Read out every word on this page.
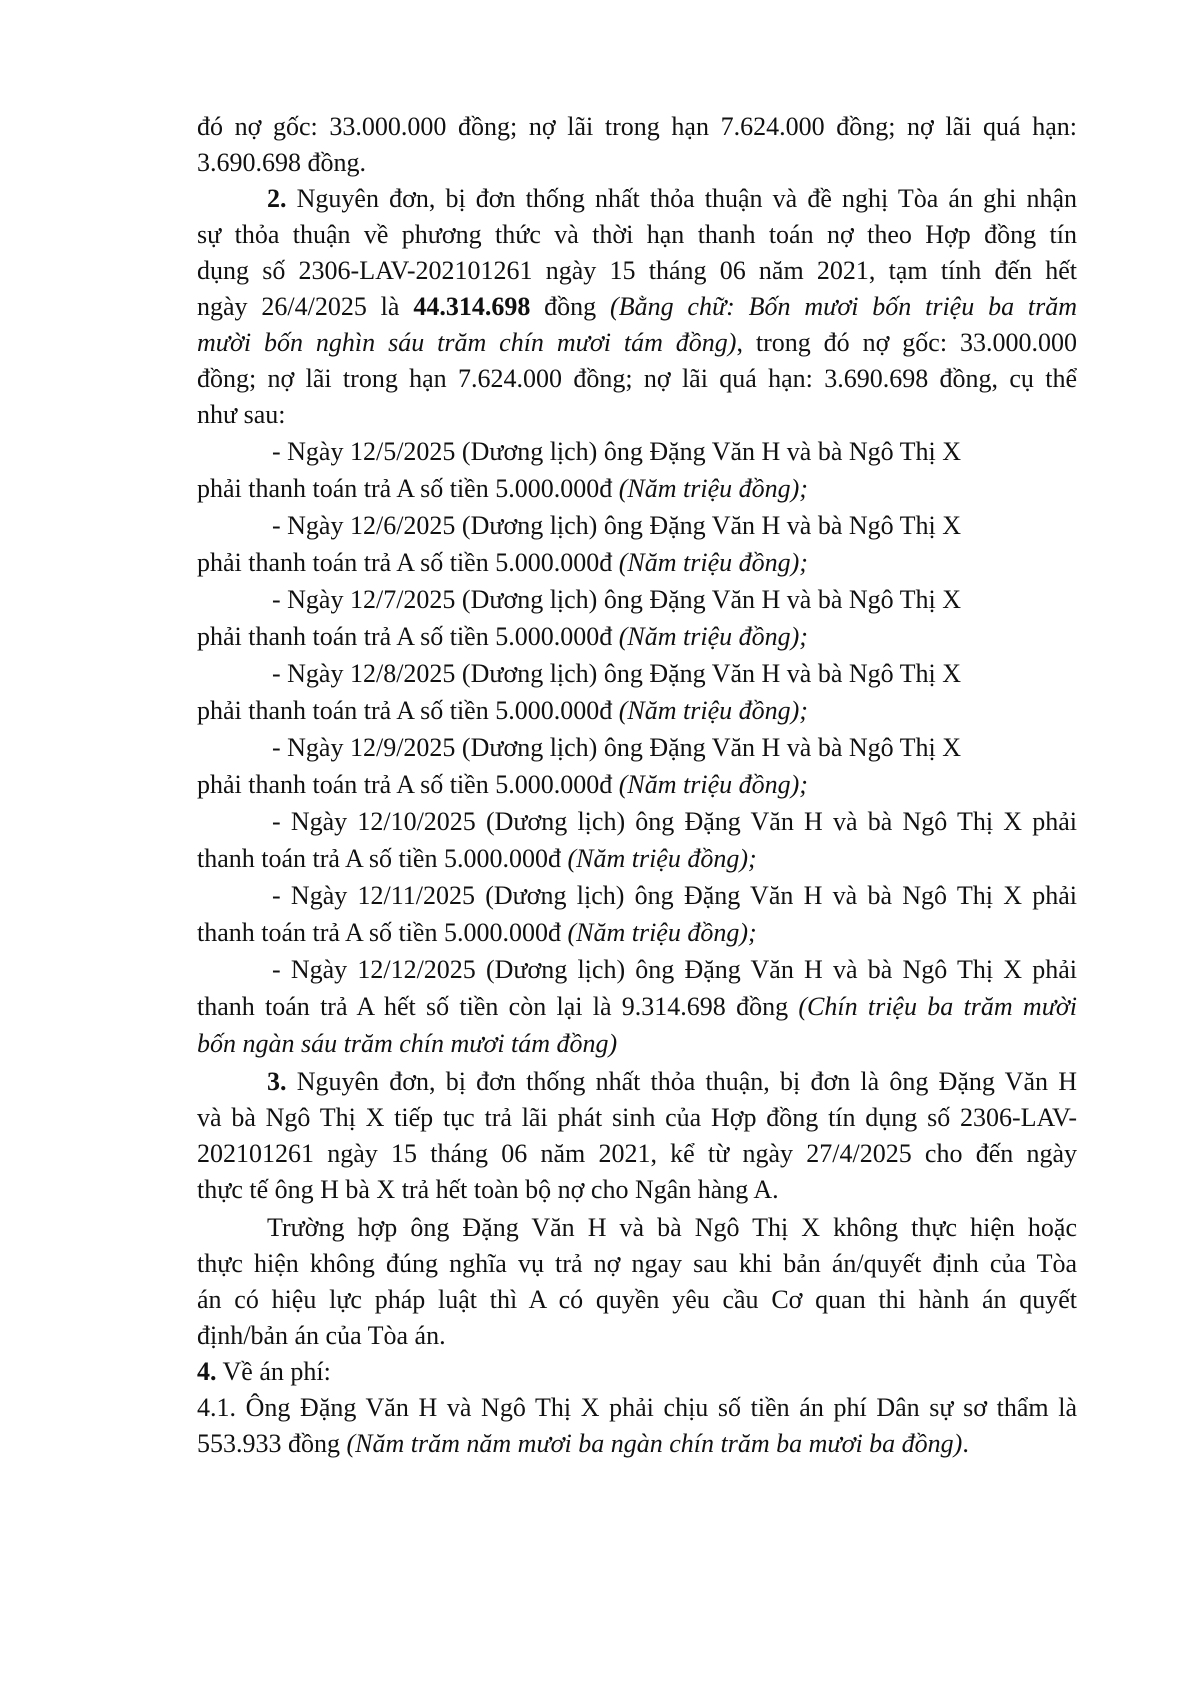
đó nợ gốc: 33.000.000 đồng; nợ lãi trong hạn 7.624.000 đồng; nợ lãi quá hạn:
3.690.698 đồng.
2. Nguyên đơn, bị đơn thống nhất thỏa thuận và đề nghị Tòa án ghi nhận
sự thỏa thuận về phương thức và thời hạn thanh toán nợ theo Hợp đồng tín
dụng số 2306-LAV-202101261 ngày 15 tháng 06 năm 2021, tạm tính đến hết
ngày 26/4/2025 là 44.314.698 đồng (Bằng chữ: Bốn mươi bốn triệu ba trăm
mười bốn nghìn sáu trăm chín mươi tám đồng), trong đó nợ gốc: 33.000.000
đồng; nợ lãi trong hạn 7.624.000 đồng; nợ lãi quá hạn: 3.690.698 đồng, cụ thể
như sau:
- Ngày 12/5/2025 (Dương lịch) ông Đặng Văn H và bà Ngô Thị X
phải thanh toán trả A số tiền 5.000.000đ (Năm triệu đồng);
- Ngày 12/6/2025 (Dương lịch) ông Đặng Văn H và bà Ngô Thị X
phải thanh toán trả A số tiền 5.000.000đ (Năm triệu đồng);
- Ngày 12/7/2025 (Dương lịch) ông Đặng Văn H và bà Ngô Thị X
phải thanh toán trả A số tiền 5.000.000đ (Năm triệu đồng);
- Ngày 12/8/2025 (Dương lịch) ông Đặng Văn H và bà Ngô Thị X
phải thanh toán trả A số tiền 5.000.000đ (Năm triệu đồng);
- Ngày 12/9/2025 (Dương lịch) ông Đặng Văn H và bà Ngô Thị X
phải thanh toán trả A số tiền 5.000.000đ (Năm triệu đồng);
- Ngày 12/10/2025 (Dương lịch) ông Đặng Văn H và bà Ngô Thị X phải
thanh toán trả A số tiền 5.000.000đ (Năm triệu đồng);
- Ngày 12/11/2025 (Dương lịch) ông Đặng Văn H và bà Ngô Thị X phải
thanh toán trả A số tiền 5.000.000đ (Năm triệu đồng);
- Ngày 12/12/2025 (Dương lịch) ông Đặng Văn H và bà Ngô Thị X phải
thanh toán trả A hết số tiền còn lại là 9.314.698 đồng (Chín triệu ba trăm mười
bốn ngàn sáu trăm chín mươi tám đồng)
3. Nguyên đơn, bị đơn thống nhất thỏa thuận, bị đơn là ông Đặng Văn H
và bà Ngô Thị X tiếp tục trả lãi phát sinh của Hợp đồng tín dụng số 2306-LAV-
202101261 ngày 15 tháng 06 năm 2021, kể từ ngày 27/4/2025 cho đến ngày
thực tế ông H bà X trả hết toàn bộ nợ cho Ngân hàng A.
Trường hợp ông Đặng Văn H và bà Ngô Thị X không thực hiện hoặc
thực hiện không đúng nghĩa vụ trả nợ ngay sau khi bản án/quyết định của Tòa
án có hiệu lực pháp luật thì A có quyền yêu cầu Cơ quan thi hành án quyết
định/bản án của Tòa án.
4. Về án phí:
4.1. Ông Đặng Văn H và Ngô Thị X phải chịu số tiền án phí Dân sự sơ thẩm là
553.933 đồng (Năm trăm năm mươi ba ngàn chín trăm ba mươi ba đồng).
